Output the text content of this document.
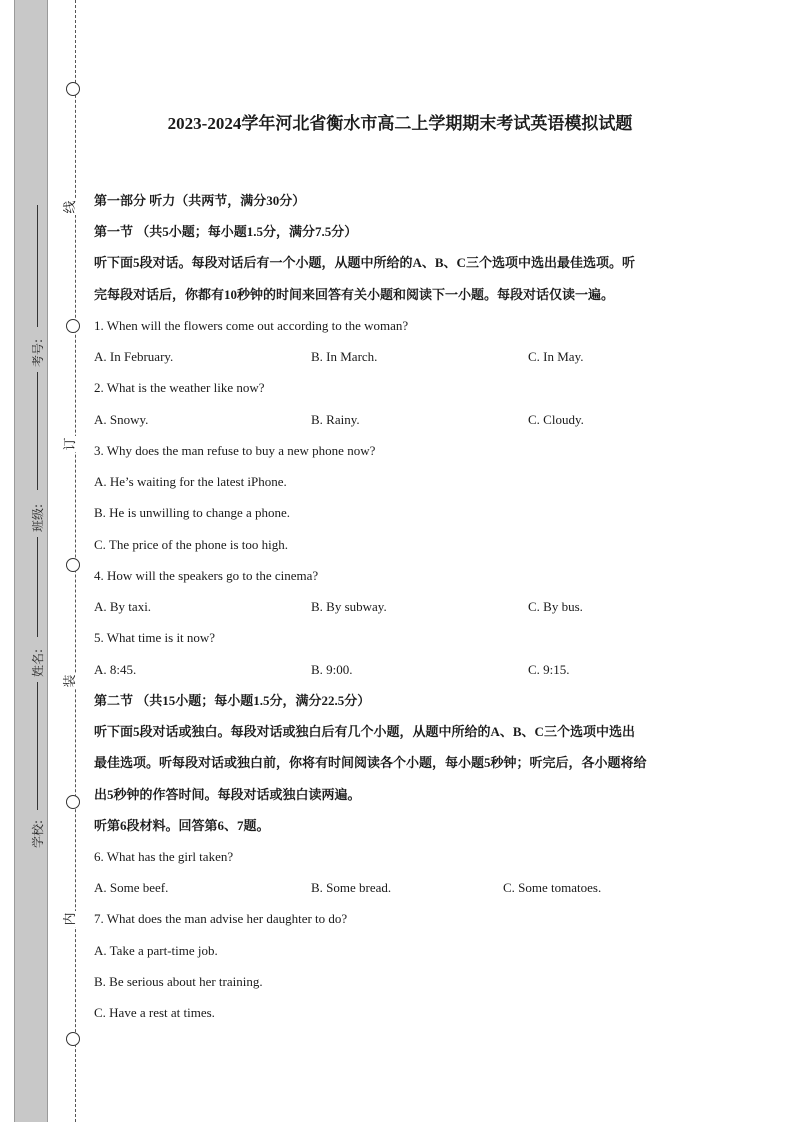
线
订
装
内
考号:
班级:
姓名:
学校:
2023-2024学年河北省衡水市高二上学期期末考试英语模拟试题
第一部分 听力（共两节，满分30分）
第一节 （共5小题；每小题1.5分，满分7.5分）
听下面5段对话。每段对话后有一个小题，从题中所给的A、B、C三个选项中选出最佳选项。听
完每段对话后，你都有10秒钟的时间来回答有关小题和阅读下一小题。每段对话仅读一遍。
1. When will the flowers come out according to the woman?
A. In February.	B. In March.	C. In May.
2. What is the weather like now?
A. Snowy.	B. Rainy.	C. Cloudy.
3. Why does the man refuse to buy a new phone now?
A. He’s waiting for the latest iPhone.
B. He is unwilling to change a phone.
C. The price of the phone is too high.
4. How will the speakers go to the cinema?
A. By taxi.	B. By subway.	C. By bus.
5. What time is it now?
A. 8:45.	B. 9:00.	C. 9:15.
第二节 （共15小题；每小题1.5分，满分22.5分）
听下面5段对话或独白。每段对话或独白后有几个小题，从题中所给的A、B、C三个选项中选出
最佳选项。听每段对话或独白前，你将有时间阅读各个小题，每小题5秒钟；听完后，各小题将给
出5秒钟的作答时间。每段对话或独白读两遍。
听第6段材料。回答第6、7题。
6. What has the girl taken?
A. Some beef.	B. Some bread.	C. Some tomatoes.
7. What does the man advise her daughter to do?
A. Take a part-time job.
B. Be serious about her training.
C. Have a rest at times.
